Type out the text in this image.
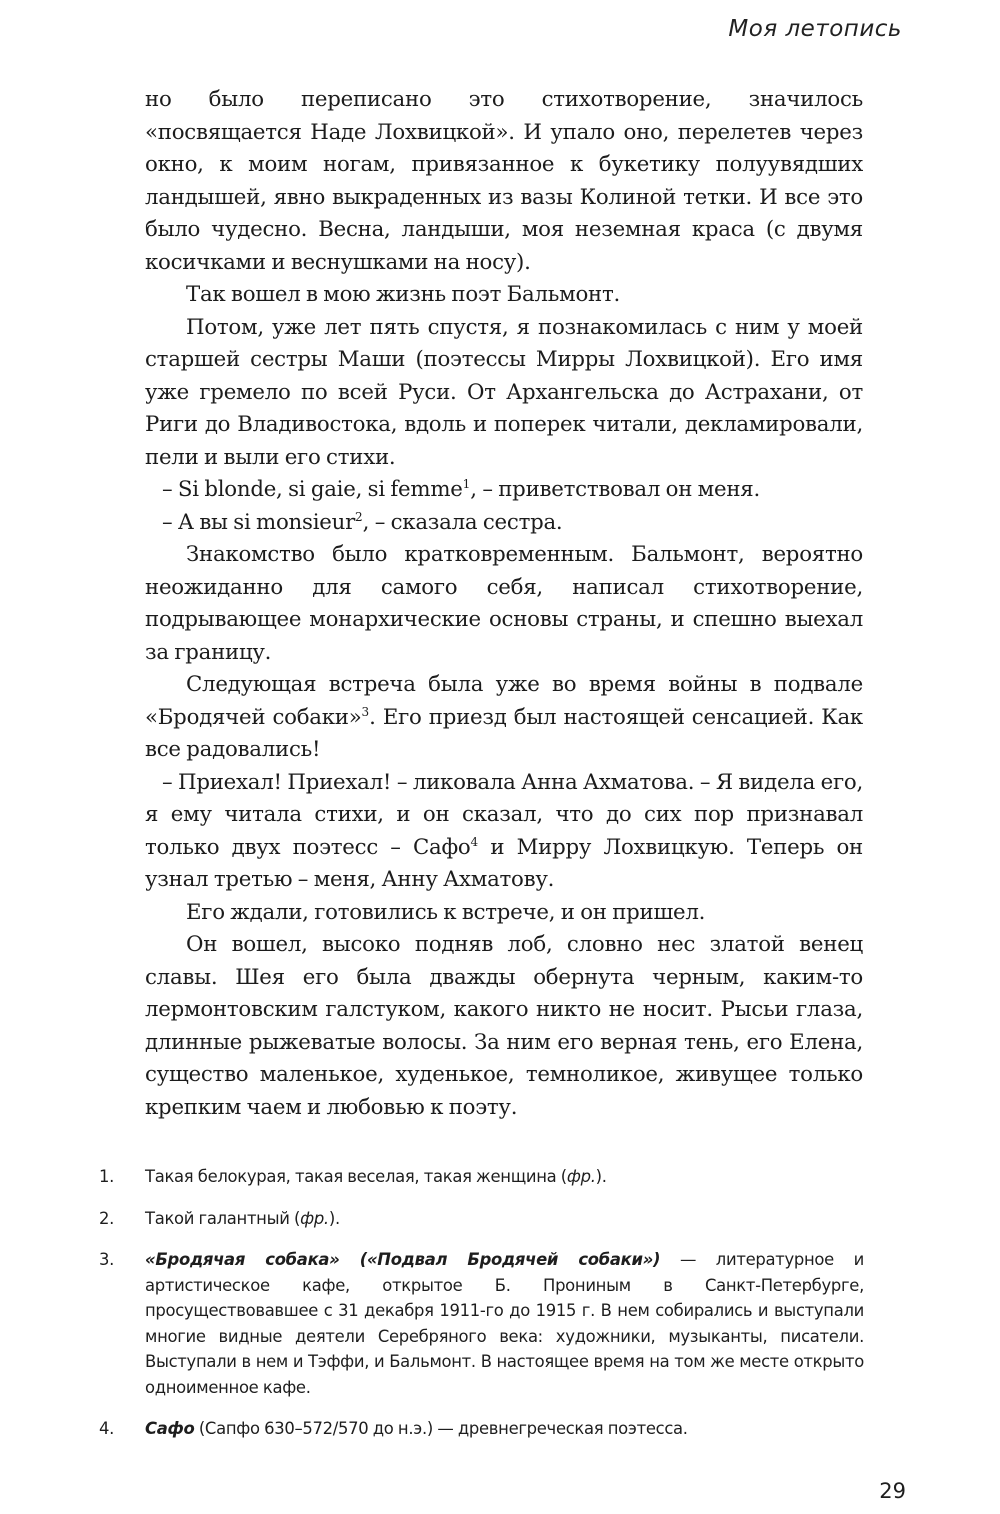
Моя летопись

но было переписано это стихотворение, значилось «посвящается Наде Лохвицкой». И упало оно, перелетев через окно, к моим ногам, привязанное к букетику полуувядших ландышей, явно выкраденных из вазы Колиной тетки. И все это было чудесно. Весна, ландыши, моя неземная краса (с двумя косичками и веснушками на носу).

Так вошел в мою жизнь поэт Бальмонт.

Потом, уже лет пять спустя, я познакомилась с ним у моей старшей сестры Маши (поэтессы Мирры Лохвицкой). Его имя уже гремело по всей Руси. От Архангельска до Астрахани, от Риги до Владивостока, вдоль и поперек читали, декламировали, пели и выли его стихи.

– Si blonde, si gaie, si femme$^1$, – приветствовал он меня.

– А вы si monsieur$^2$, – сказала сестра.

Знакомство было кратковременным. Бальмонт, вероятно неожиданно для самого себя, написал стихотворение, подрывающее монархические основы страны, и спешно выехал за границу.

Следующая встреча была уже во время войны в подвале «Бродячей собаки»$^3$. Его приезд был настоящей сенсацией. Как все радовались!

– Приехал! Приехал! – ликовала Анна Ахматова. – Я видела его, я ему читала стихи, и он сказал, что до сих пор признавал только двух поэтесс – Сафо$^4$ и Мирру Лохвицкую. Теперь он узнал третью – меня, Анну Ахматову.

Его ждали, готовились к встрече, и он пришел.

Он вошел, высоко подняв лоб, словно нес златой венец славы. Шея его была дважды обернута черным, каким-то лермонтовским галстуком, какого никто не носит. Рысьи глаза, длинные рыжеватые волосы. За ним его верная тень, его Елена, существо маленькое, худенькое, темноликое, живущее только крепким чаем и любовью к поэту.

1.	Такая белокурая, такая веселая, такая женщина (фр.).
2.	Такой галантный (фр.).
3.	«Бродячая собака» («Подвал Бродячей собаки») — литературное и артистическое кафе, открытое Б. Прониным в Санкт-Петербурге, просуществовавшее с 31 декабря 1911-го до 1915 г. В нем собирались и выступали многие видные деятели Серебряного века: художники, музыканты, писатели. Выступали в нем и Тэффи, и Бальмонт. В настоящее время на том же месте открыто одноименное кафе.
4.	Сафо (Сапфо 630–572/570 до н.э.) — древнегреческая поэтесса.
29
